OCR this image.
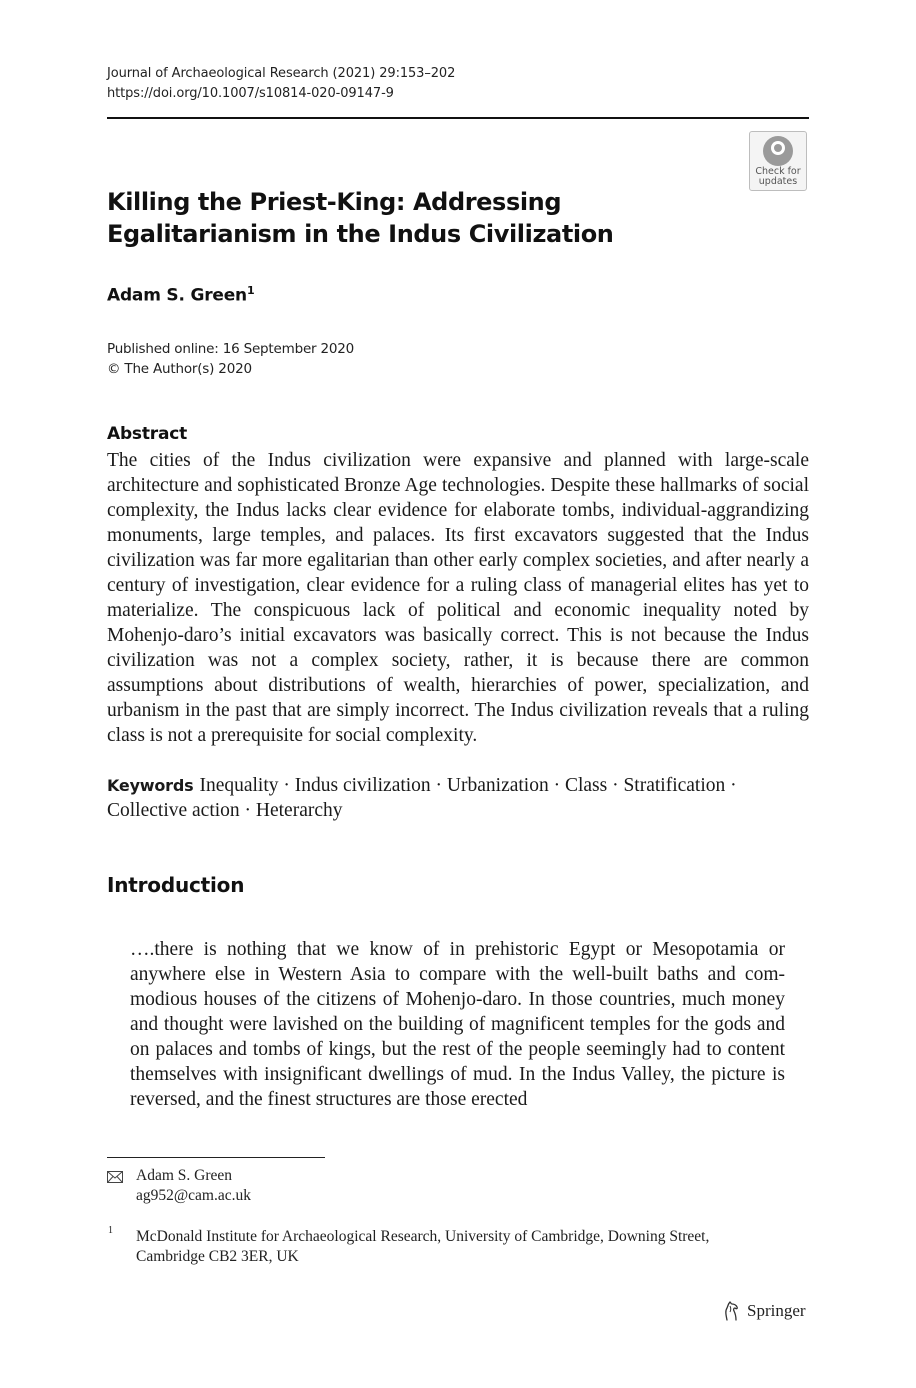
Journal of Archaeological Research (2021) 29:153–202
https://doi.org/10.1007/s10814-020-09147-9
Check for
updates
Killing the Priest-King: Addressing Egalitarianism in the Indus Civilization
Adam S. Green$^1$
Published online: 16 September 2020
© The Author(s) 2020
Abstract
The cities of the Indus civilization were expansive and planned with large-scale architecture and sophisticated Bronze Age technologies. Despite these hallmarks of social complexity, the Indus lacks clear evidence for elaborate tombs, individual-aggrandizing monuments, large temples, and palaces. Its first excavators suggested that the Indus civilization was far more egalitarian than other early complex societies, and after nearly a century of investigation, clear evidence for a ruling class of managerial elites has yet to materialize. The conspicuous lack of political and economic inequality noted by Mohenjo-daro’s initial excavators was basically correct. This is not because the Indus civilization was not a complex society, rather, it is because there are common assumptions about distributions of wealth, hierarchies of power, specialization, and urbanism in the past that are simply incorrect. The Indus civilization reveals that a ruling class is not a prerequisite for social complexity.
Keywords Inequality · Indus civilization · Urbanization · Class · Stratification · Collective action · Heterarchy
Introduction
….there is nothing that we know of in prehistoric Egypt or Mesopotamia or anywhere else in Western Asia to compare with the well-built baths and commodious houses of the citizens of Mohenjo-daro. In those countries, much money and thought were lavished on the building of magnificent temples for the gods and on palaces and tombs of kings, but the rest of the people seemingly had to content themselves with insignificant dwellings of mud. In the Indus Valley, the picture is reversed, and the finest structures are those erected
Adam S. Green
ag952@cam.ac.uk
1 McDonald Institute for Archaeological Research, University of Cambridge, Downing Street, Cambridge CB2 3ER, UK
Springer
